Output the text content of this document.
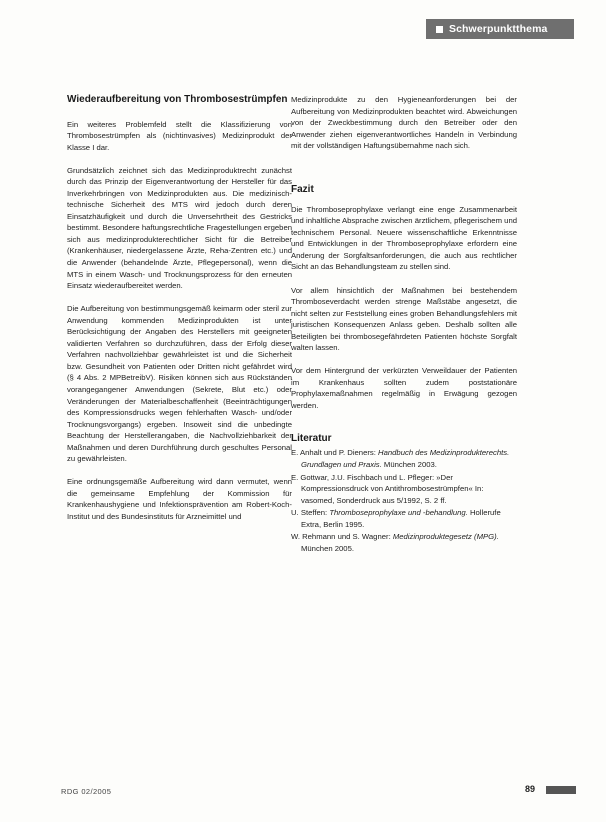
Schwerpunktthema
Wiederaufbereitung von Thrombosestrümpfen

Ein weiteres Problemfeld stellt die Klassifizierung von Thrombosestrümpfen als (nichtinvasives) Medizinprodukt der Klasse I dar.

Grundsätzlich zeichnet sich das Medizinproduktrecht zunächst durch das Prinzip der Eigenverantwortung der Hersteller für das Inverkehrbringen von Medizinprodukten aus. Die medizinisch-technische Sicherheit des MTS wird jedoch durch deren Einsatzhäufigkeit und durch die Unversehrtheit des Gestricks bestimmt. Besondere haftungsrechtliche Fragestellungen ergeben sich aus medizinprodukterechtlicher Sicht für die Betreiber (Krankenhäuser, niedergelassene Ärzte, Reha-Zentren etc.) und die Anwender (behandelnde Ärzte, Pflegepersonal), wenn die MTS in einem Wasch- und Trocknungsprozess für den erneuten Einsatz wiederaufbereitet werden.

Die Aufbereitung von bestimmungsgemäß keimarm oder steril zur Anwendung kommenden Medizinprodukten ist unter Berücksichtigung der Angaben des Herstellers mit geeigneten validierten Verfahren so durchzuführen, dass der Erfolg dieser Verfahren nachvollziehbar gewährleistet ist und die Sicherheit bzw. Gesundheit von Patienten oder Dritten nicht gefährdet wird (§ 4 Abs. 2 MPBetreibV). Risiken können sich aus Rückständen vorangegangener Anwendungen (Sekrete, Blut etc.) oder Veränderungen der Materialbeschaffenheit (Beeinträchtigungen des Kompressionsdrucks wegen fehlerhaften Wasch- und/oder Trocknungsvorgangs) ergeben. Insoweit sind die unbedingte Beachtung der Herstellerangaben, die Nachvollziehbarkeit der Maßnahmen und deren Durchführung durch geschultes Personal zu gewährleisten.

Eine ordnungsgemäße Aufbereitung wird dann vermutet, wenn die gemeinsame Empfehlung der Kommission für Krankenhaushygiene und Infektionsprävention am Robert-Koch-Institut und des Bundesinstituts für Arzneimittel und

Medizinprodukte zu den Hygieneanforderungen bei der Aufbereitung von Medizinprodukten beachtet wird. Abweichungen von der Zweckbestimmung durch den Betreiber oder den Anwender ziehen eigenverantwortliches Handeln in Verbindung mit der vollständigen Haftungsübernahme nach sich.

Fazit

Die Thromboseprophylaxe verlangt eine enge Zusammenarbeit und inhaltliche Absprache zwischen ärztlichem, pflegerischem und technischem Personal. Neuere wissenschaftliche Erkenntnisse und Entwicklungen in der Thromboseprophylaxe erfordern eine Anderung der Sorgfaltsanforderungen, die auch aus rechtlicher Sicht an das Behandlungsteam zu stellen sind.

Vor allem hinsichtlich der Maßnahmen bei bestehendem Thromboseverdacht werden strenge Maßstäbe angesetzt, die nicht selten zur Feststellung eines groben Behandlungsfehlers mit juristischen Konsequenzen Anlass geben. Deshalb sollten alle Beteiligten bei thrombosegefährdeten Patienten höchste Sorgfalt walten lassen.

Vor dem Hintergrund der verkürzten Verweildauer der Patienten im Krankenhaus sollten zudem poststationäre Prophylaxemaßnahmen regelmäßig in Erwägung gezogen werden.

Literatur
E. Anhalt und P. Dieners: Handbuch des Medizinprodukterechts. Grundlagen und Praxis. München 2003.
E. Gottwar, J.U. Fischbach und L. Pfleger: »Der Kompressionsdruck von Antithrombosestrümpfen« In: vasomed, Sonderdruck aus 5/1992, S. 2 ff.
U. Steffen: Thromboseprophylaxe und -behandlung. Hollerufe Extra, Berlin 1995.
W. Rehmann und S. Wagner: Medizinproduktegesetz (MPG). München 2005.
RDG 02/2005	89
